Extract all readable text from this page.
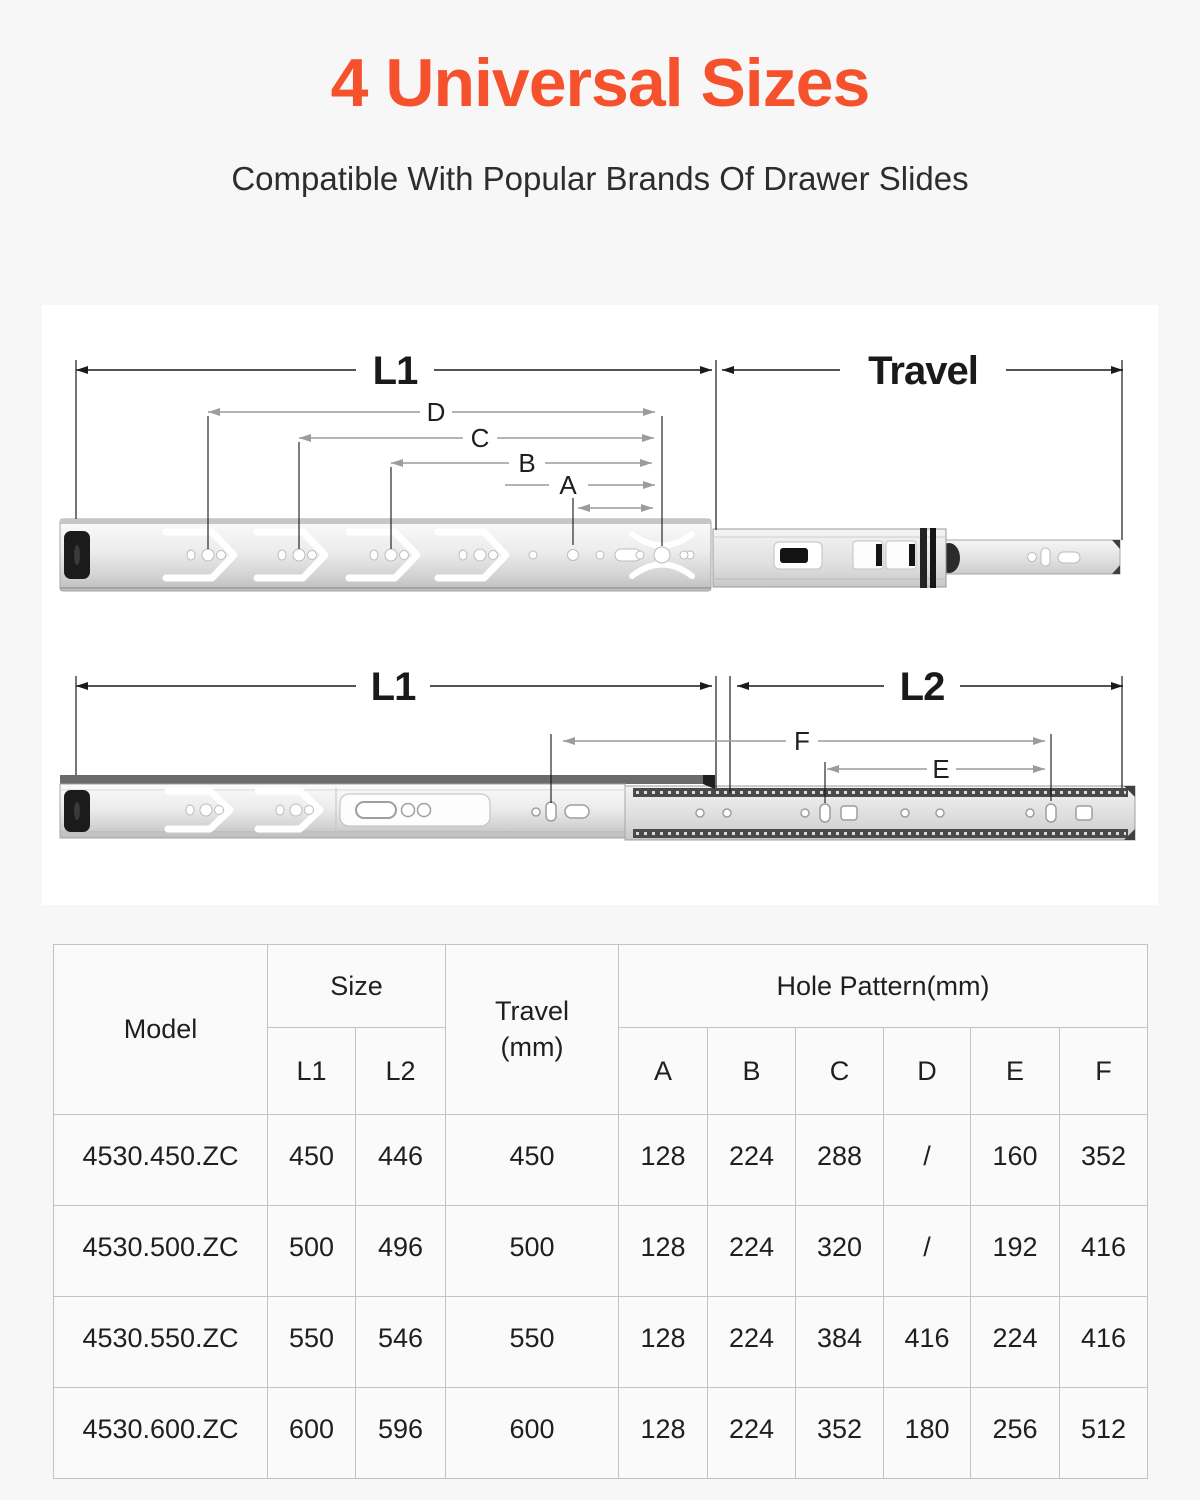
4 Universal Sizes
Compatible With Popular Brands Of Drawer Slides
L1	Travel
D
C
B
A
L1	L2
F
E
Model	Size		Travel
(mm)	Hole Pattern(mm)					
	L1	L2		A	B	C	D	E	F
4530.450.ZC	450	446	450	128	224	288	/	160	352
4530.500.ZC	500	496	500	128	224	320	/	192	416
4530.550.ZC	550	546	550	128	224	384	416	224	416
4530.600.ZC	600	596	600	128	224	352	180	256	512
